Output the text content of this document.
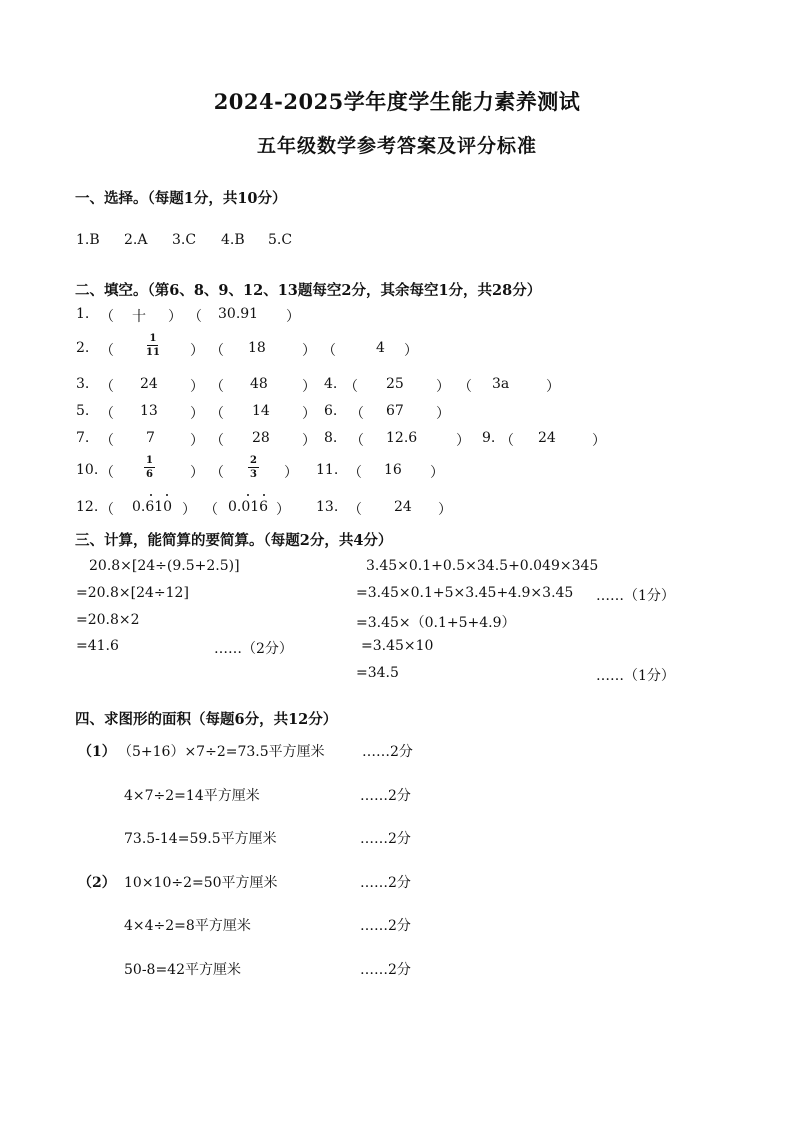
2024-2025学年度学生能力素养测试
五年级数学参考答案及评分标准
一、选择。（每题1分，共10分）
1.B 2.A 3.C 4.B 5.C
二、填空。（第6、8、9、12、13题每空2分，其余每空1分，共28分）
1. （ 十 ） （ 30.91 ）
2. （	$\frac{1}{11}$ ） （ 18	） （	4 ）
3. （ 24 ） （ 48 ） 4. （ 25 ） （ 3a	）
5. （ 13 ） （ 14 ） 6. （ 67 ）
7. （ 7	） （ 28 ） 8. （ 12.6	） 9. （ 24	）
10. （	$\frac{1}{6}$	） （ $\frac{2}{3}$ ） 11. （ 16 ）
12. （ 0.610 ） （ 0.016 ） 13. （ 24 ）
三、计算，能简算的要简算。（每题2分，共4分）
20.8×[24÷(9.5+2.5)]
=20.8×[24÷12]
=20.8×2
=41.6	……（2分）
3.45×0.1+0.5×34.5+0.049×345
=3.45×0.1+5×3.45+4.9×3.45 ……（1分）
=3.45×（0.1+5+4.9）
=3.45×10
=34.5	……（1分）
四、求图形的面积（每题6分，共12分）
（1） （5+16）×7÷2=73.5平方厘米	……2分
4×7÷2=14平方厘米	……2分
73.5-14=59.5平方厘米	……2分
（2） 10×10÷2=50平方厘米	……2分
4×4÷2=8平方厘米	……2分
50-8=42平方厘米	……2分
